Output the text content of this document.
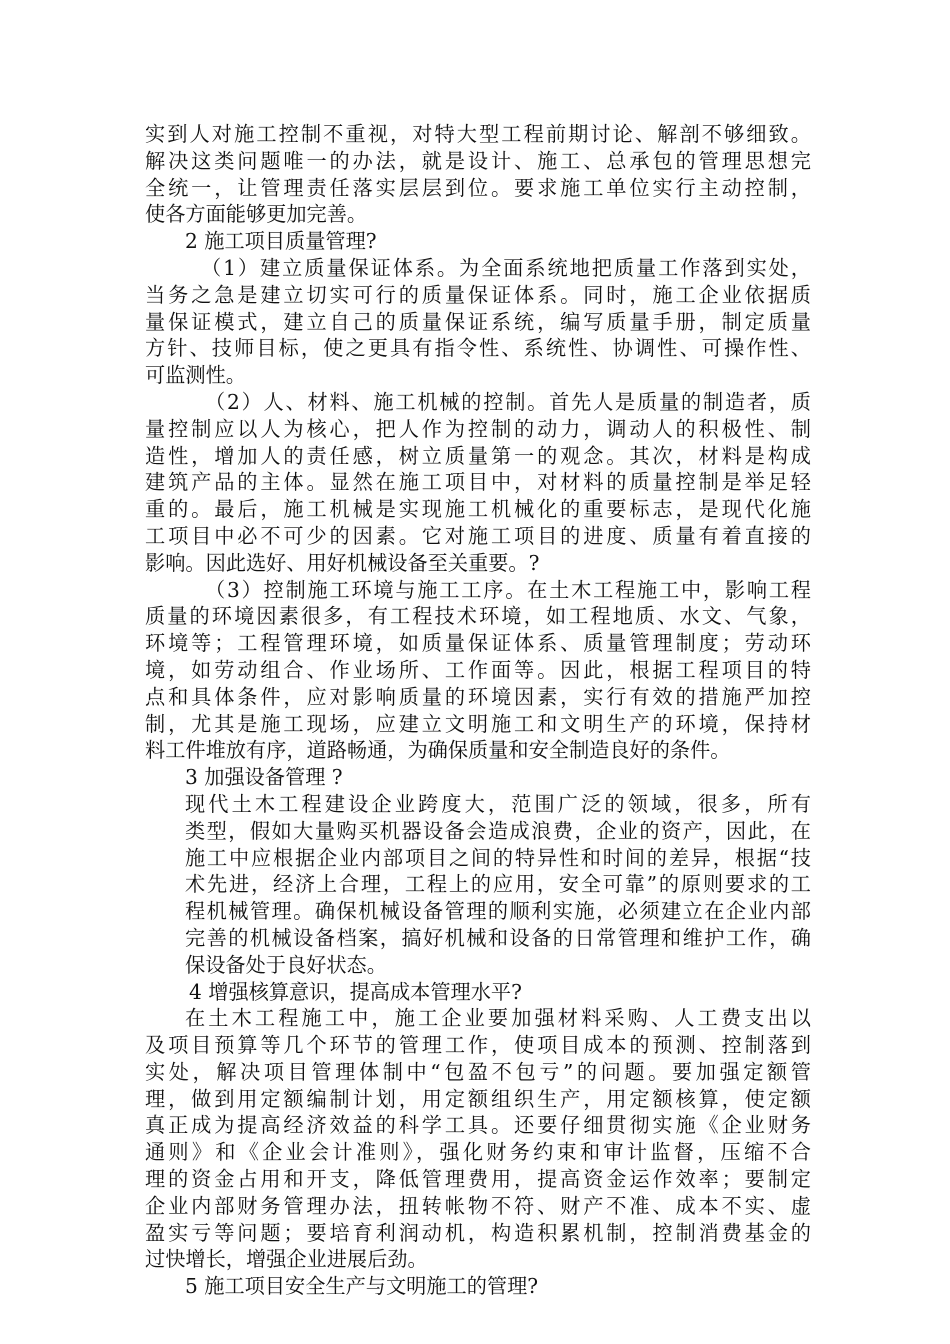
实到人对施工控制不重视，对特大型工程前期讨论、解剖不够细致。
解决这类问题唯一的办法，就是设计、施工、总承包的管理思想完
全统一，让管理责任落实层层到位。要求施工单位实行主动控制，
使各方面能够更加完善。
2 施工项目质量管理?
（1）建立质量保证体系。为全面系统地把质量工作落到实处，
当务之急是建立切实可行的质量保证体系。同时，施工企业依据质
量保证模式，建立自己的质量保证系统，编写质量手册，制定质量
方针、技师目标，使之更具有指令性、系统性、协调性、可操作性、
可监测性。
（2）人、材料、施工机械的控制。首先人是质量的制造者，质
量控制应以人为核心，把人作为控制的动力，调动人的积极性、制
造性，增加人的责任感，树立质量第一的观念。其次，材料是构成
建筑产品的主体。显然在施工项目中，对材料的质量控制是举足轻
重的。最后，施工机械是实现施工机械化的重要标志，是现代化施
工项目中必不可少的因素。它对施工项目的进度、质量有着直接的
影响。因此选好、用好机械设备至关重要。?
（3）控制施工环境与施工工序。在土木工程施工中，影响工程
质量的环境因素很多，有工程技术环境，如工程地质、水文、气象，
环境等；工程管理环境，如质量保证体系、质量管理制度；劳动环
境，如劳动组合、作业场所、工作面等。因此，根据工程项目的特
点和具体条件，应对影响质量的环境因素，实行有效的措施严加控
制，尤其是施工现场，应建立文明施工和文明生产的环境，保持材
料工件堆放有序，道路畅通，为确保质量和安全制造良好的条件。
3 加强设备管理 ?
现代土木工程建设企业跨度大，范围广泛的领域，很多，所有
类型，假如大量购买机器设备会造成浪费，企业的资产，因此，在
施工中应根据企业内部项目之间的特异性和时间的差异，根据“技
术先进，经济上合理，工程上的应用，安全可靠”的原则要求的工
程机械管理。确保机械设备管理的顺利实施，必须建立在企业内部
完善的机械设备档案，搞好机械和设备的日常管理和维护工作，确
保设备处于良好状态。
4 增强核算意识，提高成本管理水平?
在土木工程施工中，施工企业要加强材料采购、人工费支出以
及项目预算等几个环节的管理工作，使项目成本的预测、控制落到
实处，解决项目管理体制中“包盈不包亏”的问题。要加强定额管
理，做到用定额编制计划，用定额组织生产，用定额核算，使定额
真正成为提高经济效益的科学工具。还要仔细贯彻实施《企业财务
通则》和《企业会计准则》，强化财务约束和审计监督，压缩不合
理的资金占用和开支，降低管理费用，提高资金运作效率；要制定
企业内部财务管理办法，扭转帐物不符、财产不准、成本不实、虚
盈实亏等问题；要培育利润动机，构造积累机制，控制消费基金的
过快增长，增强企业进展后劲。
5 施工项目安全生产与文明施工的管理?
